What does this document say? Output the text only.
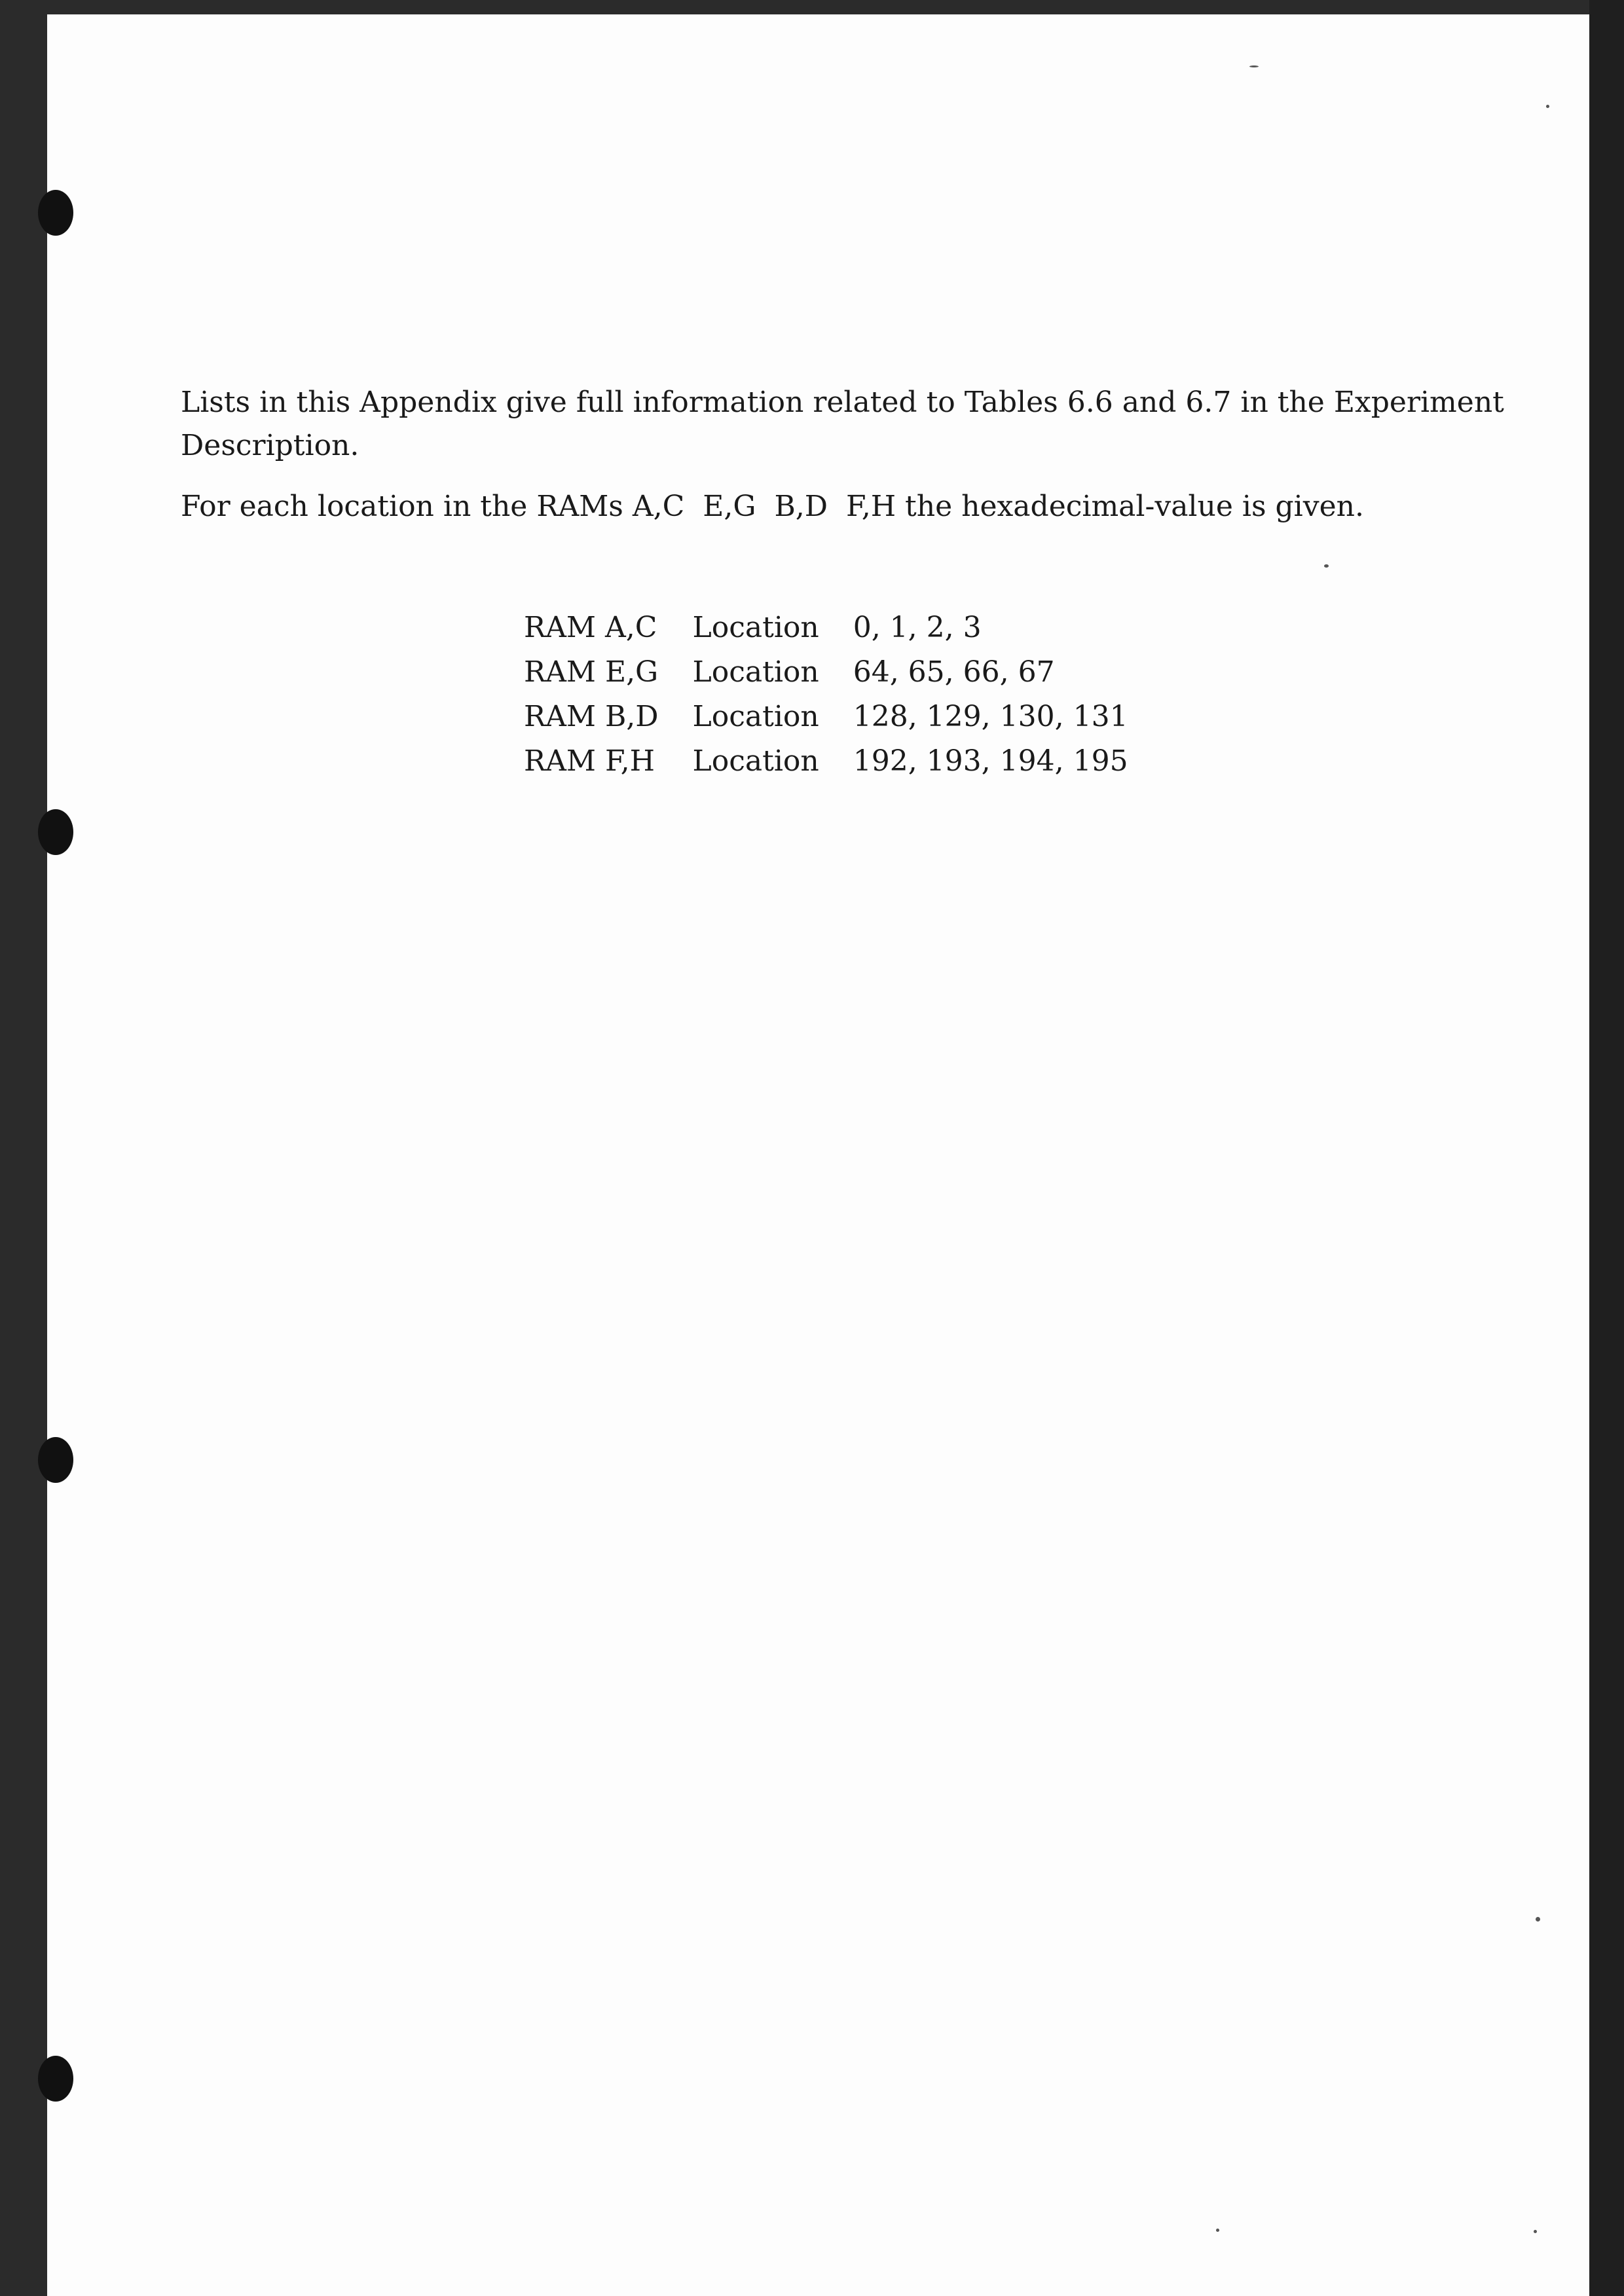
Lists in this Appendix give full information related to Tables 6.6 and 6.7 in the Experiment
Description.
For each location in the RAMs A,C  E,G  B,D  F,H the hexadecimal-value is given.
RAM A,C	Location	0, 1, 2, 3
RAM E,G	Location	64, 65, 66, 67
RAM B,D	Location	128, 129, 130, 131
RAM F,H	Location	192, 193, 194, 195
